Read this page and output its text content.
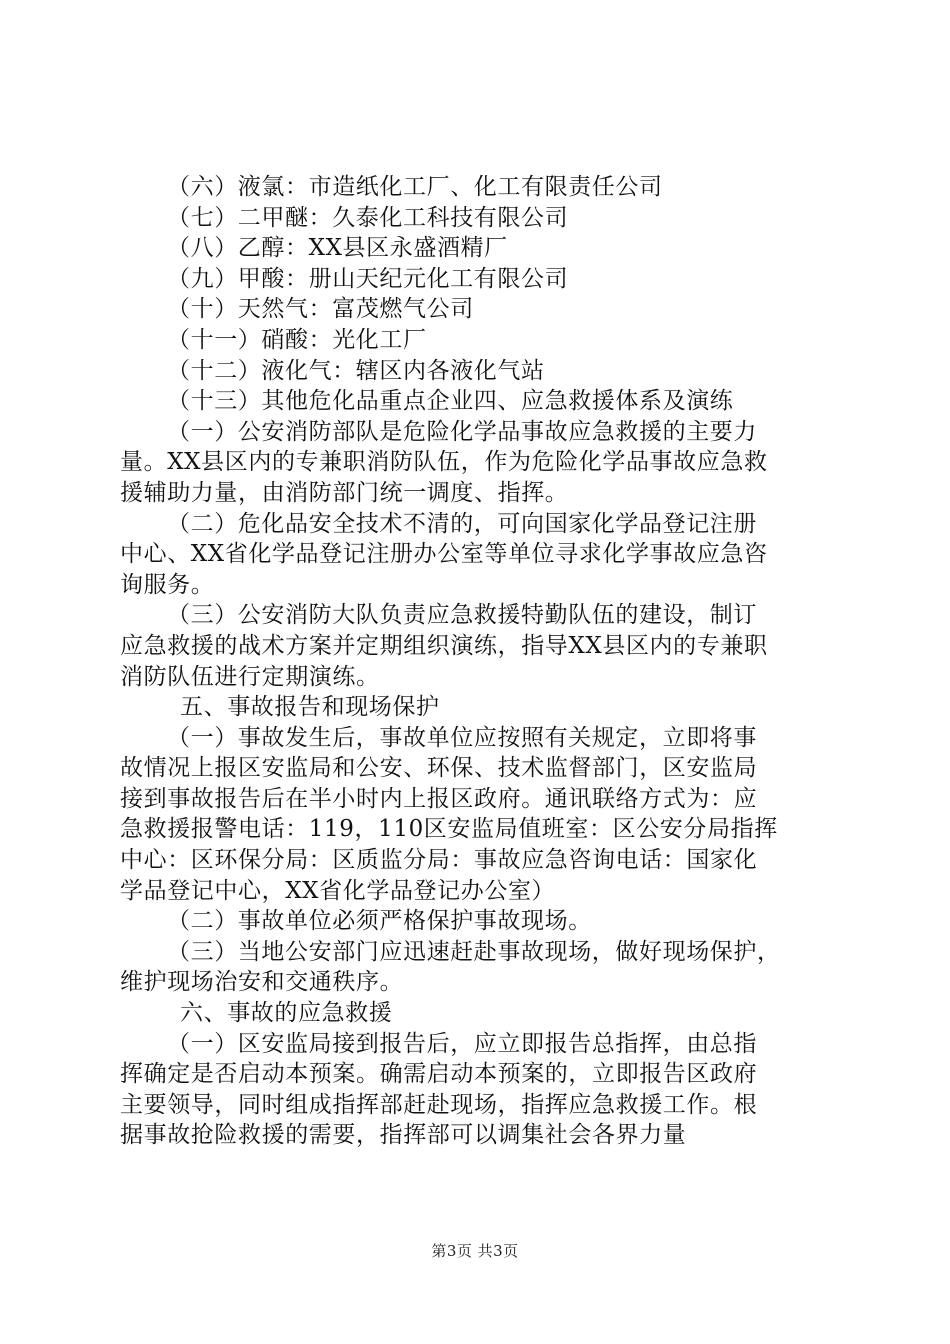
（六）液氯：市造纸化工厂、化工有限责任公司
（七）二甲醚：久泰化工科技有限公司
（八）乙醇：XX县区永盛酒精厂
（九）甲酸：册山天纪元化工有限公司
（十）天然气：富茂燃气公司
（十一）硝酸：光化工厂
（十二）液化气：辖区内各液化气站
（十三）其他危化品重点企业四、应急救援体系及演练
（一）公安消防部队是危险化学品事故应急救援的主要力
量。XX县区内的专兼职消防队伍，作为危险化学品事故应急救
援辅助力量，由消防部门统一调度、指挥。
（二）危化品安全技术不清的，可向国家化学品登记注册
中心、XX省化学品登记注册办公室等单位寻求化学事故应急咨
询服务。
（三）公安消防大队负责应急救援特勤队伍的建设，制订
应急救援的战术方案并定期组织演练，指导XX县区内的专兼职
消防队伍进行定期演练。
五、事故报告和现场保护
（一）事故发生后，事故单位应按照有关规定，立即将事
故情况上报区安监局和公安、环保、技术监督部门，区安监局
接到事故报告后在半小时内上报区政府。通讯联络方式为：应
急救援报警电话：119，110区安监局值班室：区公安分局指挥
中心：区环保分局：区质监分局：事故应急咨询电话：国家化
学品登记中心，XX省化学品登记办公室）
（二）事故单位必须严格保护事故现场。
（三）当地公安部门应迅速赶赴事故现场，做好现场保护，
维护现场治安和交通秩序。
六、事故的应急救援
（一）区安监局接到报告后，应立即报告总指挥，由总指
挥确定是否启动本预案。确需启动本预案的，立即报告区政府
主要领导，同时组成指挥部赶赴现场，指挥应急救援工作。根
据事故抢险救援的需要，指挥部可以调集社会各界力量
第3页 共3页
